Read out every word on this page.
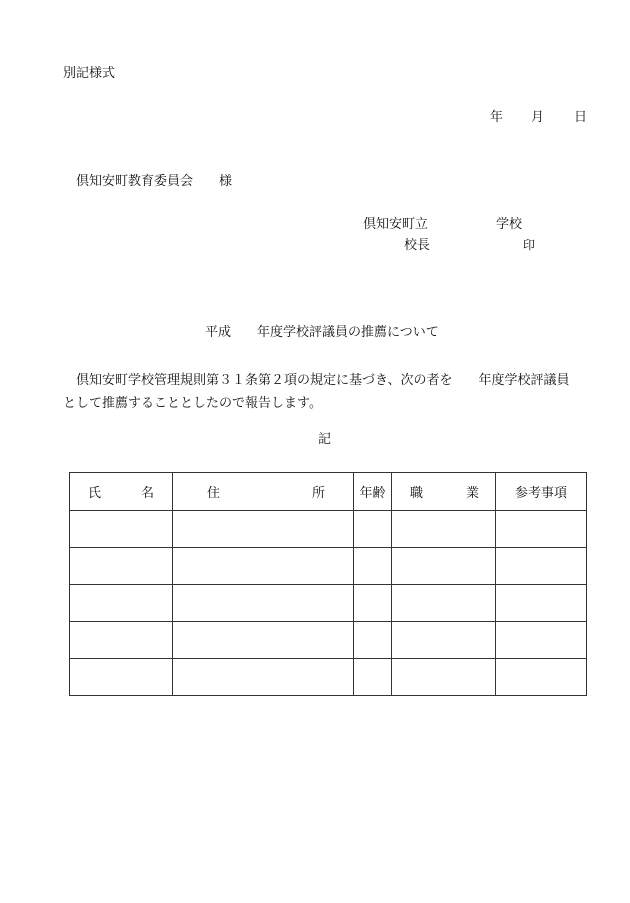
別記様式
年 月 日
倶知安町教育委員会　　様
倶知安町立	学校
校長	印
平成 年度学校評議員の推薦について
倶知安町学校管理規則第３１条第２項の規定に基づき、次の者を　　年度学校評議員
として推薦することとしたので報告します。
記
氏 名	住 所	年齢	職 業	参考事項
